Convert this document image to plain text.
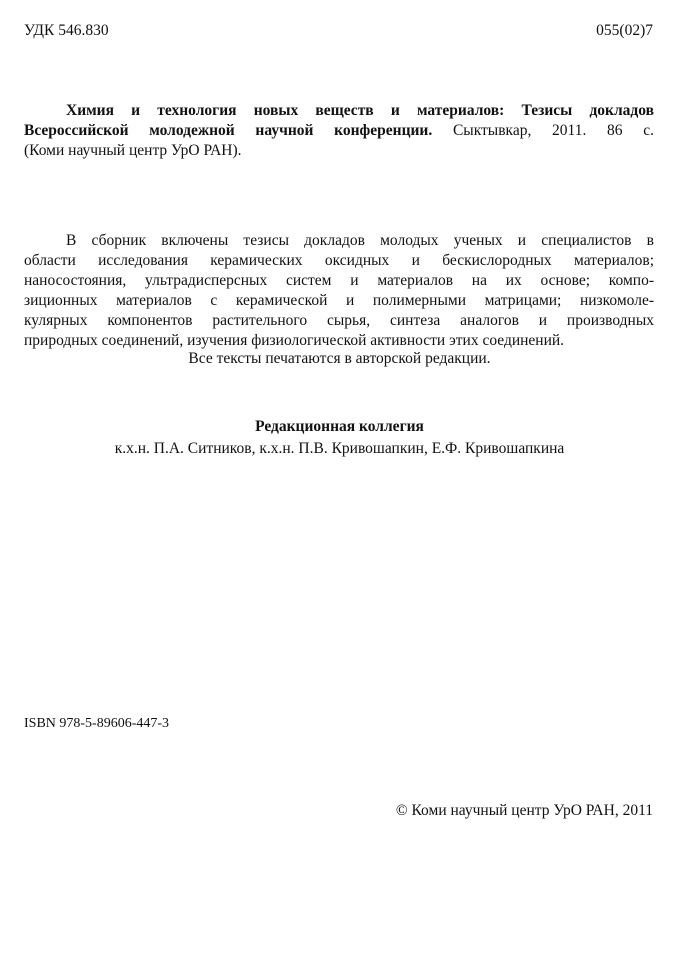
УДК 546.830	055(02)7
Химия и технология новых веществ и материалов: Тезисы докладов
Всероссийской молодежной научной конференции. Сыктывкар, 2011. 86 с.
(Коми научный центр УрО РАН).
В сборник включены тезисы докладов молодых ученых и специалистов в
области исследования керамических оксидных и бескислородных материалов;
наносостояния, ультрадисперсных систем и материалов на их основе; компо-
зиционных материалов с керамической и полимерными матрицами; низкомоле-
кулярных компонентов растительного сырья, синтеза аналогов и производных
природных соединений, изучения физиологической активности этих соединений.
Все тексты печатаются в авторской редакции.
Редакционная коллегия
к.х.н. П.А. Ситников, к.х.н. П.В. Кривошапкин, Е.Ф. Кривошапкина
ISBN 978-5-89606-447-3
© Коми научный центр УрО РАН, 2011
